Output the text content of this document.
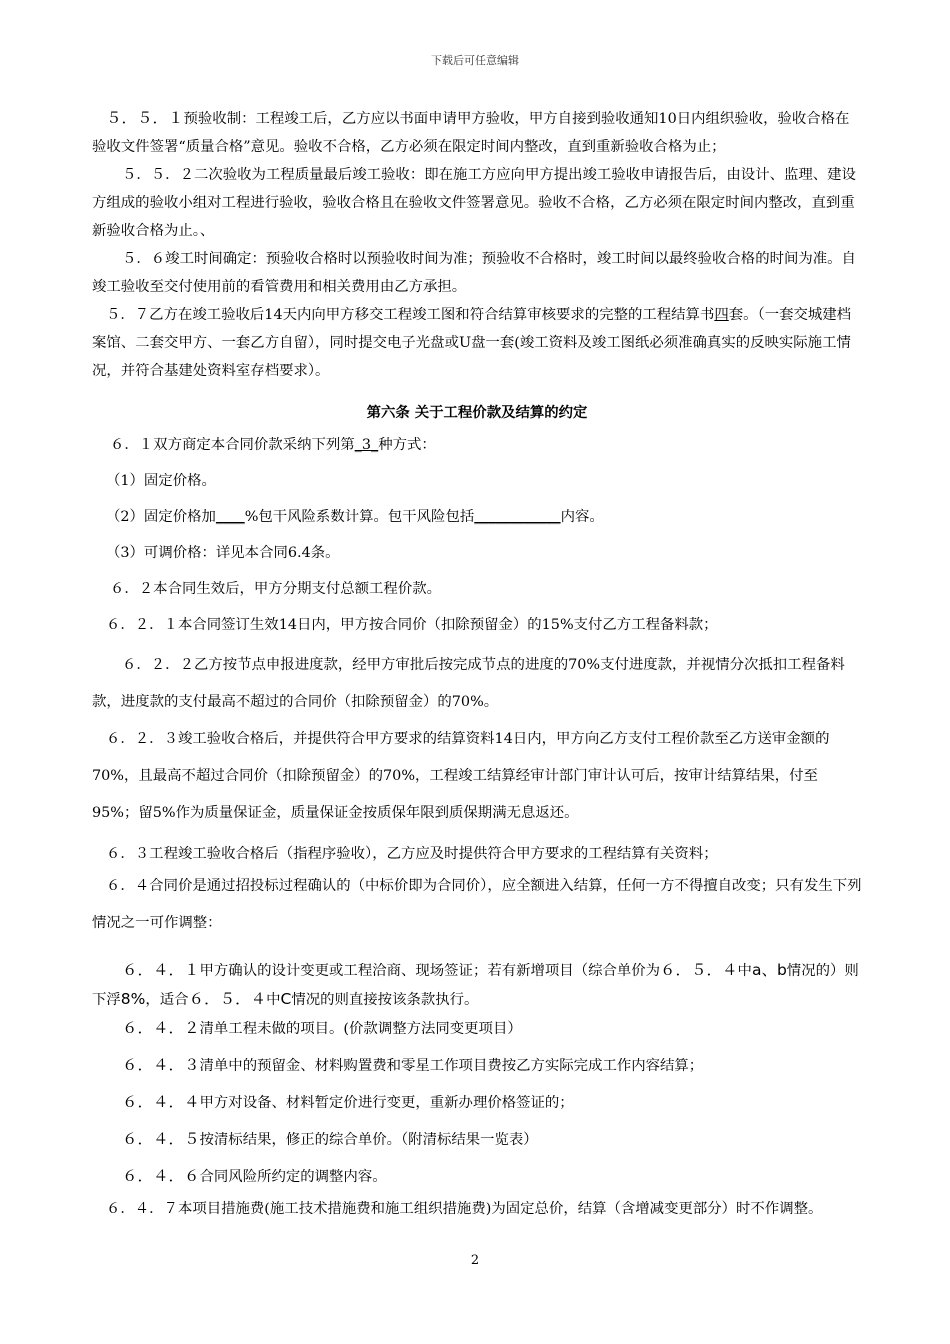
下载后可任意编辑

５．５．１预验收制：工程竣工后，乙方应以书面申请甲方验收，甲方自接到验收通知10日内组织验收，验收合格在验收文件签署“质量合格”意见。验收不合格，乙方必须在限定时间内整改，直到重新验收合格为止；

５．５．２二次验收为工程质量最后竣工验收：即在施工方应向甲方提出竣工验收申请报告后，由设计、监理、建设方组成的验收小组对工程进行验收，验收合格且在验收文件签署意见。验收不合格，乙方必须在限定时间内整改，直到重新验收合格为止。、

５．６竣工时间确定：预验收合格时以预验收时间为准；预验收不合格时，竣工时间以最终验收合格的时间为准。自竣工验收至交付使用前的看管费用和相关费用由乙方承担。

５．７乙方在竣工验收后14天内向甲方移交工程竣工图和符合结算审核要求的完整的工程结算书四套。（一套交城建档案馆、二套交甲方、一套乙方自留），同时提交电子光盘或U盘一套(竣工资料及竣工图纸必须准确真实的反映实际施工情况，并符合基建处资料室存档要求）。

第六条 关于工程价款及结算的约定

６．１双方商定本合同价款采纳下列第_3_种方式：

（1）固定价格。

（2）固定价格加____%包干风险系数计算。包干风险包括____________内容。

（3）可调价格：详见本合同6.4条。

６．２本合同生效后，甲方分期支付总额工程价款。

６．２．１本合同签订生效14日内，甲方按合同价（扣除预留金）的15%支付乙方工程备料款；

６．２．２乙方按节点申报进度款，经甲方审批后按完成节点的进度的70%支付进度款，并视情分次抵扣工程备料款，进度款的支付最高不超过的合同价（扣除预留金）的70%。

６．２．３竣工验收合格后，并提供符合甲方要求的结算资料14日内，甲方向乙方支付工程价款至乙方送审金额的70%，且最高不超过合同价（扣除预留金）的70%，工程竣工结算经审计部门审计认可后，按审计结算结果，付至95%；留5%作为质量保证金，质量保证金按质保年限到质保期满无息返还。

６．３工程竣工验收合格后（指程序验收），乙方应及时提供符合甲方要求的工程结算有关资料；

６．４合同价是通过招投标过程确认的（中标价即为合同价），应全额进入结算，任何一方不得擅自改变；只有发生下列情况之一可作调整：

６．４．１甲方确认的设计变更或工程洽商、现场签证；若有新增项目（综合单价为６．５．４中a、b情况的）则下浮8%，适合６．５．４中C情况的则直接按该条款执行。

６．４．２清单工程未做的项目。(价款调整方法同变更项目）

６．４．３清单中的预留金、材料购置费和零星工作项目费按乙方实际完成工作内容结算；

６．４．４甲方对设备、材料暂定价进行变更，重新办理价格签证的；

６．４．５按清标结果，修正的综合单价。（附清标结果一览表）

６．４．６合同风险所约定的调整内容。

６．４．７本项目措施费(施工技术措施费和施工组织措施费)为固定总价，结算（含增减变更部分）时不作调整。

2
